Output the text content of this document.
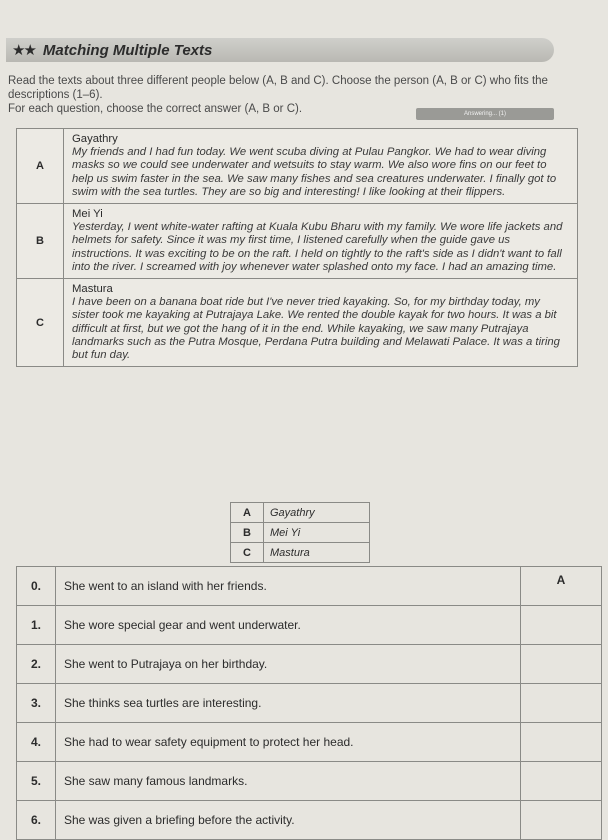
★★ Matching Multiple Texts
Read the texts about three different people below (A, B and C). Choose the person (A, B or C) who fits the descriptions (1–6).
For each question, choose the correct answer (A, B or C).	Answering... (1)
A	Gayathry
My friends and I had fun today. We went scuba diving at Pulau Pangkor. We had to wear diving masks so we could see underwater and wetsuits to stay warm. We also wore fins on our feet to help us swim faster in the sea. We saw many fishes and sea creatures underwater. I finally got to swim with the sea turtles. They are so big and interesting! I like looking at their flippers.

B	Mei Yi
Yesterday, I went white-water rafting at Kuala Kubu Bharu with my family. We wore life jackets and helmets for safety. Since it was my first time, I listened carefully when the guide gave us instructions. It was exciting to be on the raft. I held on tightly to the raft's side as I didn't want to fall into the river. I screamed with joy whenever water splashed onto my face. I had an amazing time.

C	Mastura
I have been on a banana boat ride but I've never tried kayaking. So, for my birthday today, my sister took me kayaking at Putrajaya Lake. We rented the double kayak for two hours. It was a bit difficult at first, but we got the hang of it in the end. While kayaking, we saw many Putrajaya landmarks such as the Putra Mosque, Perdana Putra building and Melawati Palace. It was a tiring but fun day.
A	Gayathry
B	Mei Yi
C	Mastura
0.	She went to an island with her friends.	A
1.	She wore special gear and went underwater.	
2.	She went to Putrajaya on her birthday.	
3.	She thinks sea turtles are interesting.	
4.	She had to wear safety equipment to protect her head.	
5.	She saw many famous landmarks.	
6.	She was given a briefing before the activity.	
